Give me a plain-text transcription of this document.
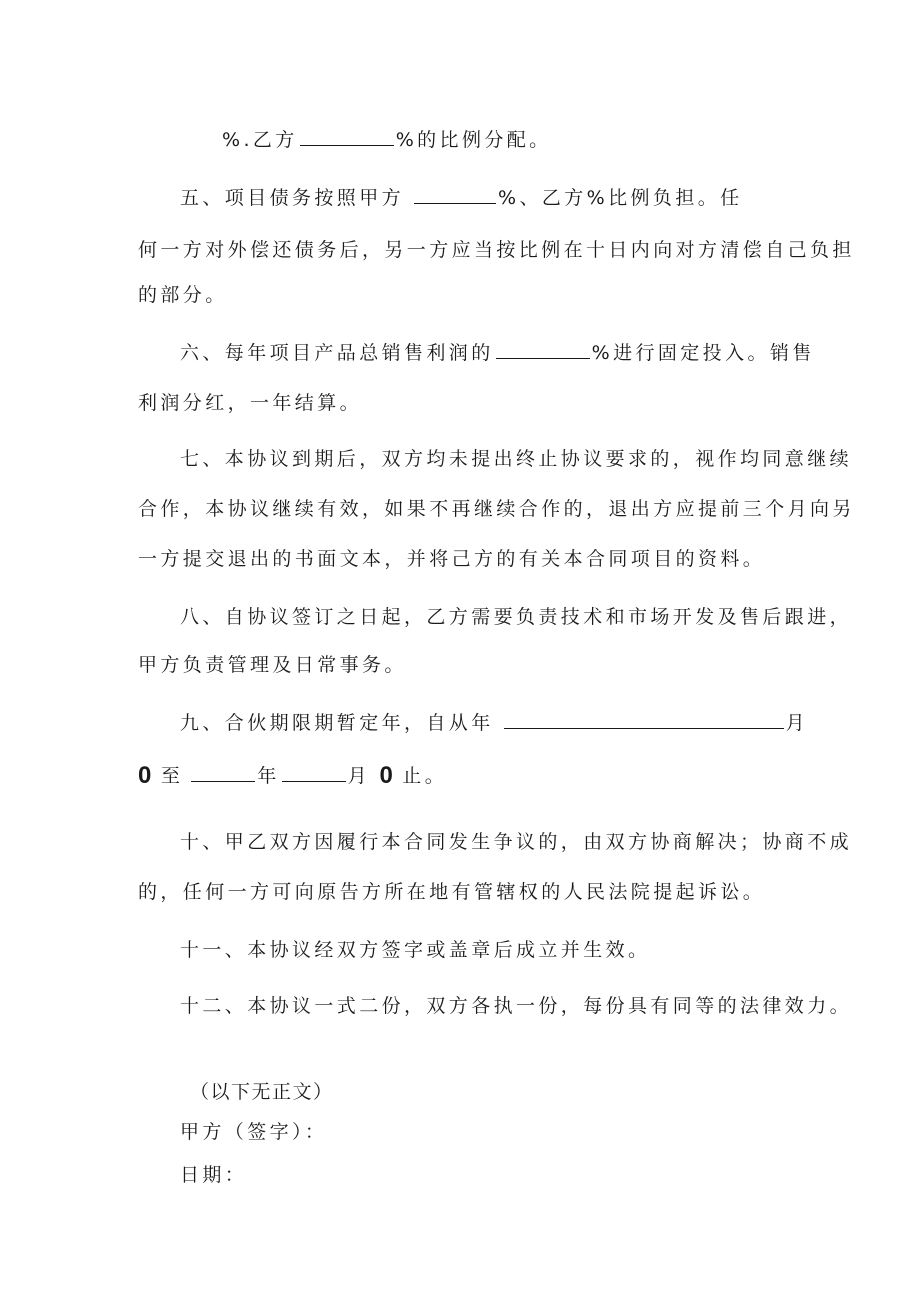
%.乙方	%的比例分配。
五、项目债务按照甲方	%、乙方%比例负担。任
何一方对外偿还债务后，另一方应当按比例在十日内向对方清偿自己负担
的部分。
六、每年项目产品总销售利润的	%进行固定投入。销售
利润分红，一年结算。
七、本协议到期后，双方均未提出终止协议要求的，视作均同意继续
合作，本协议继续有效，如果不再继续合作的，退出方应提前三个月向另
一方提交退出的书面文本，并将己方的有关本合同项目的资料。
八、自协议签订之日起，乙方需要负责技术和市场开发及售后跟进，
甲方负责管理及日常事务。
九、合伙期限期暂定年，自从年	月
0 至	年	月 0 止。
十、甲乙双方因履行本合同发生争议的，由双方协商解决；协商不成
的，任何一方可向原告方所在地有管辖权的人民法院提起诉讼。
十一、本协议经双方签字或盖章后成立并生效。
十二、本协议一式二份，双方各执一份，每份具有同等的法律效力。
（以下无正文）
甲方（签字）：
日期：
